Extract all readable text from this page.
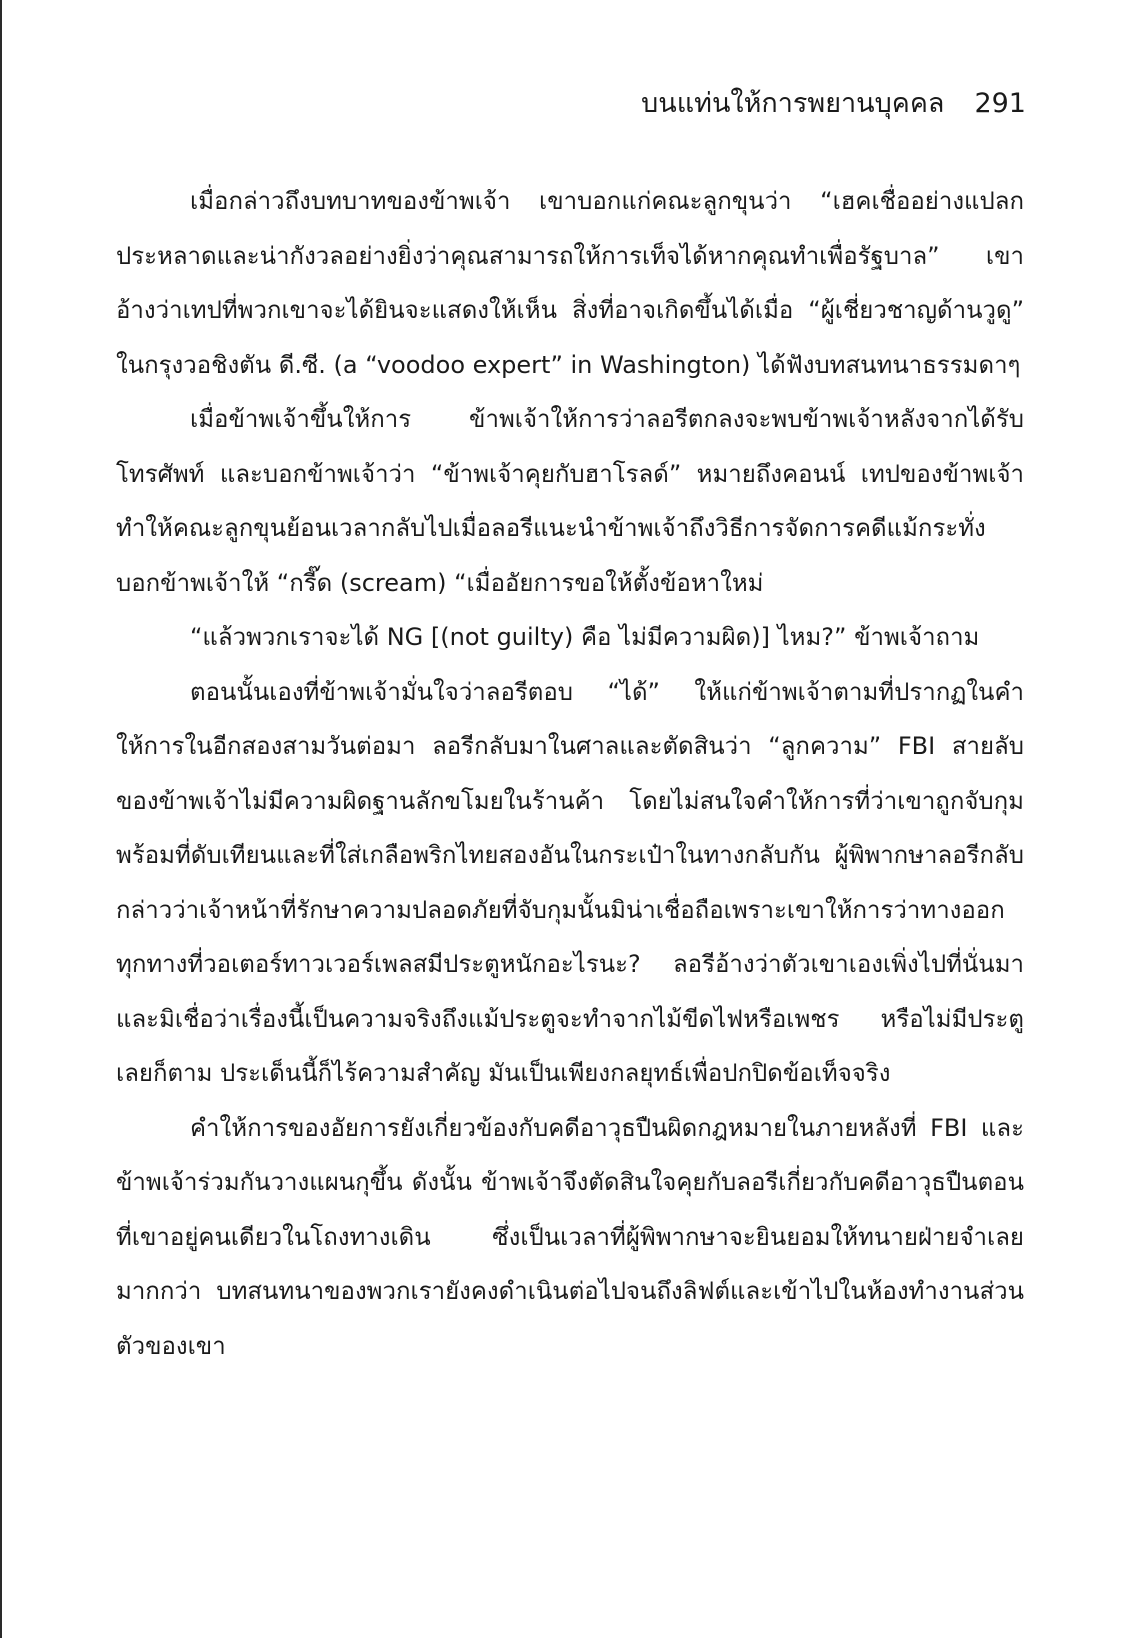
บนแท่นให้การพยานบุคคล 291

เมื่อกล่าวถึงบทบาทของข้าพเจ้า เขาบอกแก่คณะลูกขุนว่า “เฮคเชื่ออย่างแปลกประหลาดและน่ากังวลอย่างยิ่งว่าคุณสามารถให้การเท็จได้หากคุณทำเพื่อรัฐบาล” เขาอ้างว่าเทปที่พวกเขาจะได้ยินจะแสดงให้เห็น สิ่งที่อาจเกิดขึ้นได้เมื่อ “ผู้เชี่ยวชาญด้านวูดู” ในกรุงวอชิงตัน ดี.ซี. (a “voodoo expert” in Washington) ได้ฟังบทสนทนาธรรมดาๆ

เมื่อข้าพเจ้าขึ้นให้การ ข้าพเจ้าให้การว่าลอรีตกลงจะพบข้าพเจ้าหลังจากได้รับโทรศัพท์ และบอกข้าพเจ้าว่า “ข้าพเจ้าคุยกับฮาโรลด์” หมายถึงคอนน์ เทปของข้าพเจ้าทำให้คณะลูกขุนย้อนเวลากลับไปเมื่อลอรีแนะนำข้าพเจ้าถึงวิธีการจัดการคดีแม้กระทั่งบอกข้าพเจ้าให้ “กรี๊ด (scream) “เมื่ออัยการขอให้ตั้งข้อหาใหม่

“แล้วพวกเราจะได้ NG [(not guilty) คือ ไม่มีความผิด)] ไหม?” ข้าพเจ้าถาม

ตอนนั้นเองที่ข้าพเจ้ามั่นใจว่าลอรีตอบ “ได้” ให้แก่ข้าพเจ้าตามที่ปรากฏในคำให้การในอีกสองสามวันต่อมา ลอรีกลับมาในศาลและตัดสินว่า “ลูกความ” FBI สายลับของข้าพเจ้าไม่มีความผิดฐานลักขโมยในร้านค้า โดยไม่สนใจคำให้การที่ว่าเขาถูกจับกุมพร้อมที่ดับเทียนและที่ใส่เกลือพริกไทยสองอันในกระเป๋าในทางกลับกัน ผู้พิพากษาลอรีกลับกล่าวว่าเจ้าหน้าที่รักษาความปลอดภัยที่จับกุมนั้นมิน่าเชื่อถือเพราะเขาให้การว่าทางออกทุกทางที่วอเตอร์ทาวเวอร์เพลสมีประตูหนักอะไรนะ? ลอรีอ้างว่าตัวเขาเองเพิ่งไปที่นั่นมาและมิเชื่อว่าเรื่องนี้เป็นความจริงถึงแม้ประตูจะทำจากไม้ขีดไฟหรือเพชร หรือไม่มีประตูเลยก็ตาม ประเด็นนี้ก็ไร้ความสำคัญ มันเป็นเพียงกลยุทธ์เพื่อปกปิดข้อเท็จจริง

คำให้การของอัยการยังเกี่ยวข้องกับคดีอาวุธปืนผิดกฎหมายในภายหลังที่ FBI และข้าพเจ้าร่วมกันวางแผนกุขึ้น ดังนั้น ข้าพเจ้าจึงตัดสินใจคุยกับลอรีเกี่ยวกับคดีอาวุธปืนตอนที่เขาอยู่คนเดียวในโถงทางเดิน ซึ่งเป็นเวลาที่ผู้พิพากษาจะยินยอมให้ทนายฝ่ายจำเลยมากกว่า บทสนทนาของพวกเรายังคงดำเนินต่อไปจนถึงลิฟต์และเข้าไปในห้องทำงานส่วนตัวของเขา
